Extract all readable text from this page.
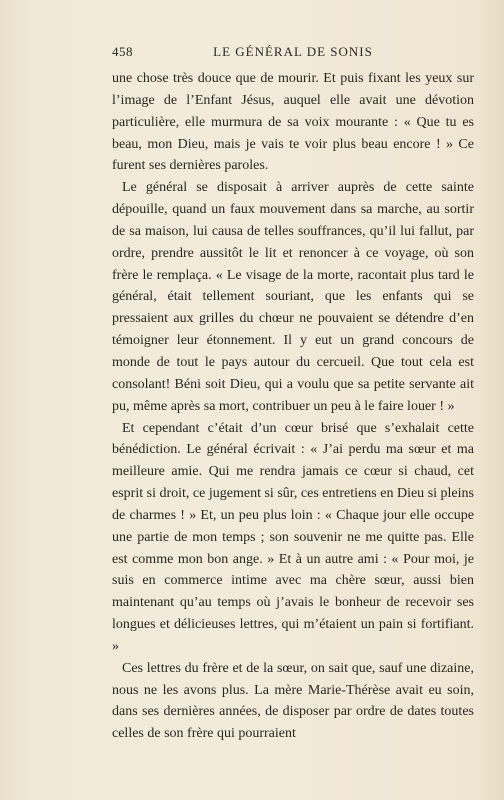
458	LE GÉNÉRAL DE SONIS

une chose très douce que de mourir. Et puis fixant les yeux sur l’image de l’Enfant Jésus, auquel elle avait une dévotion particulière, elle murmura de sa voix mourante : « Que tu es beau, mon Dieu, mais je vais te voir plus beau encore ! » Ce furent ses dernières paroles.

Le général se disposait à arriver auprès de cette sainte dépouille, quand un faux mouvement dans sa marche, au sortir de sa maison, lui causa de telles souffrances, qu’il lui fallut, par ordre, prendre aussitôt le lit et renoncer à ce voyage, où son frère le remplaça. « Le visage de la morte, racontait plus tard le général, était tellement souriant, que les enfants qui se pressaient aux grilles du chœur ne pouvaient se détendre d’en témoigner leur étonnement. Il y eut un grand concours de monde de tout le pays autour du cercueil. Que tout cela est consolant! Béni soit Dieu, qui a voulu que sa petite servante ait pu, même après sa mort, contribuer un peu à le faire louer ! »

Et cependant c’était d’un cœur brisé que s’exhalait cette bénédiction. Le général écrivait : « J’ai perdu ma sœur et ma meilleure amie. Qui me rendra jamais ce cœur si chaud, cet esprit si droit, ce jugement si sûr, ces entretiens en Dieu si pleins de charmes ! » Et, un peu plus loin : « Chaque jour elle occupe une partie de mon temps ; son souvenir ne me quitte pas. Elle est comme mon bon ange. » Et à un autre ami : « Pour moi, je suis en commerce intime avec ma chère sœur, aussi bien maintenant qu’au temps où j’avais le bonheur de recevoir ses longues et délicieuses lettres, qui m’étaient un pain si fortifiant. »

Ces lettres du frère et de la sœur, on sait que, sauf une dizaine, nous ne les avons plus. La mère Marie-Thérèse avait eu soin, dans ses dernières années, de disposer par ordre de dates toutes celles de son frère qui pourraient
